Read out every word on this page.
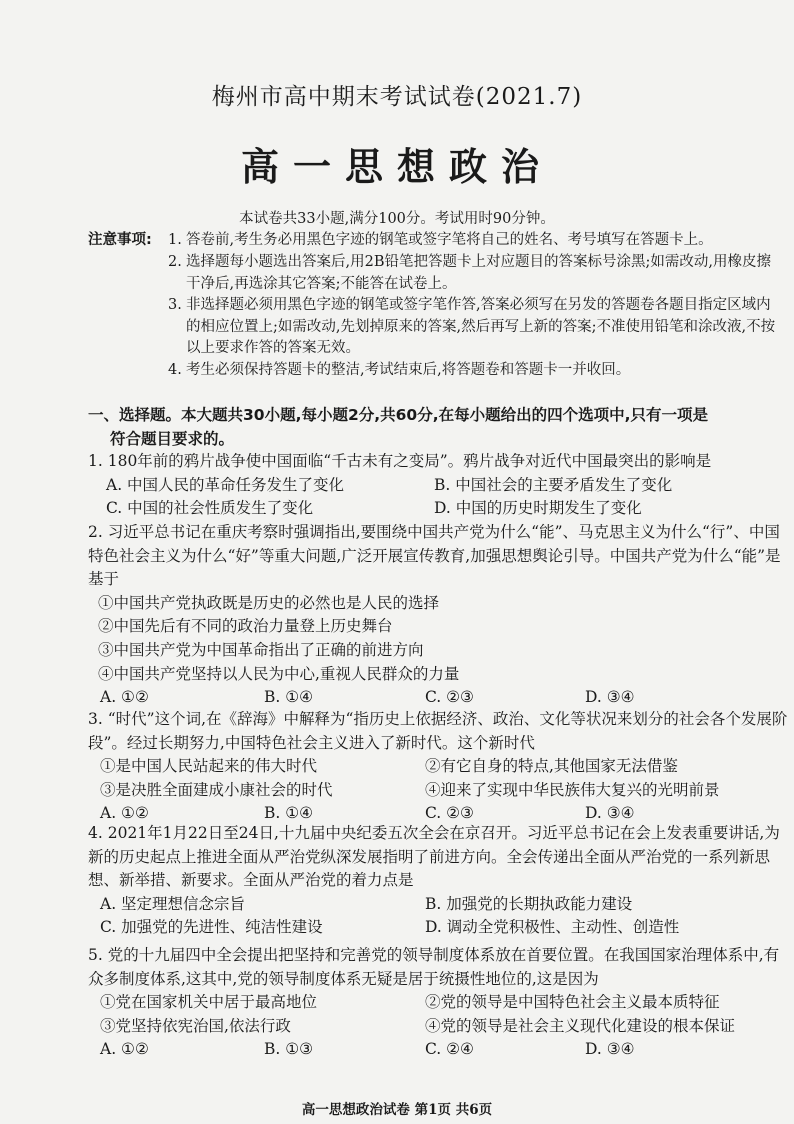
梅州市高中期末考试试卷(2021.7)
高一思想政治
本试卷共33小题,满分100分。考试用时90分钟。
注意事项: 1. 答卷前,考生务必用黑色字迹的钢笔或签字笔将自己的姓名、考号填写在答题卡上。
2. 选择题每小题选出答案后,用2B铅笔把答题卡上对应题目的答案标号涂黑;如需改动,用橡皮擦干净后,再选涂其它答案;不能答在试卷上。
3. 非选择题必须用黑色字迹的钢笔或签字笔作答,答案必须写在另发的答题卷各题目指定区域内的相应位置上;如需改动,先划掉原来的答案,然后再写上新的答案;不准使用铅笔和涂改液,不按以上要求作答的答案无效。
4. 考生必须保持答题卡的整洁,考试结束后,将答题卷和答题卡一并收回。
一、选择题。本大题共30小题,每小题2分,共60分,在每小题给出的四个选项中,只有一项是
符合题目要求的。
1. 180年前的鸦片战争使中国面临“千古未有之变局”。鸦片战争对近代中国最突出的影响是
A. 中国人民的革命任务发生了变化	B. 中国社会的主要矛盾发生了变化
C. 中国的社会性质发生了变化	D. 中国的历史时期发生了变化
2. 习近平总书记在重庆考察时强调指出,要围绕中国共产党为什么“能”、马克思主义为什么“行”、中国特色社会主义为什么“好”等重大问题,广泛开展宣传教育,加强思想舆论引导。中国共产党为什么“能”是基于
①中国共产党执政既是历史的必然也是人民的选择
②中国先后有不同的政治力量登上历史舞台
③中国共产党为中国革命指出了正确的前进方向
④中国共产党坚持以人民为中心,重视人民群众的力量
A. ①②	B. ①④	C. ②③	D. ③④
3. “时代”这个词,在《辞海》中解释为“指历史上依据经济、政治、文化等状况来划分的社会各个发展阶段”。经过长期努力,中国特色社会主义进入了新时代。这个新时代
①是中国人民站起来的伟大时代	②有它自身的特点,其他国家无法借鉴
③是决胜全面建成小康社会的时代	④迎来了实现中华民族伟大复兴的光明前景
A. ①②	B. ①④	C. ②③	D. ③④
4. 2021年1月22日至24日,十九届中央纪委五次全会在京召开。习近平总书记在会上发表重要讲话,为新的历史起点上推进全面从严治党纵深发展指明了前进方向。全会传递出全面从严治党的一系列新思想、新举措、新要求。全面从严治党的着力点是
A. 坚定理想信念宗旨	B. 加强党的长期执政能力建设
C. 加强党的先进性、纯洁性建设	D. 调动全党积极性、主动性、创造性
5. 党的十九届四中全会提出把坚持和完善党的领导制度体系放在首要位置。在我国国家治理体系中,有众多制度体系,这其中,党的领导制度体系无疑是居于统摄性地位的,这是因为
①党在国家机关中居于最高地位	②党的领导是中国特色社会主义最本质特征
③党坚持依宪治国,依法行政	④党的领导是社会主义现代化建设的根本保证
A. ①②	B. ①③	C. ②④	D. ③④
高一思想政治试卷 第1页 共6页
